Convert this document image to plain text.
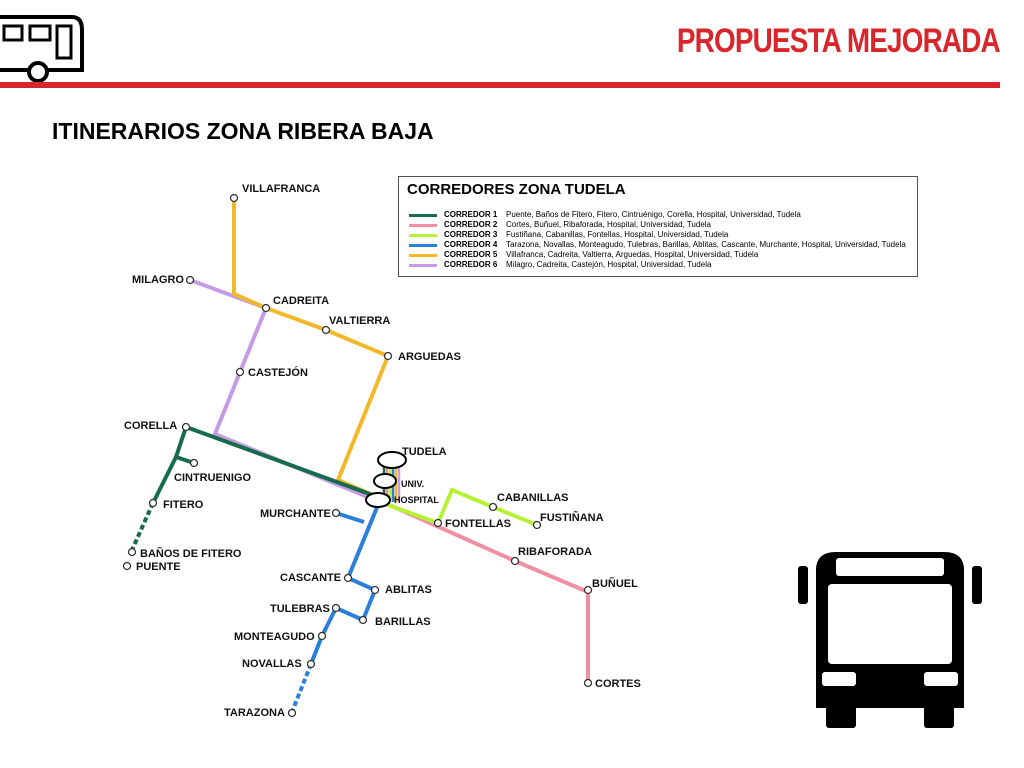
PROPUESTA MEJORADA
ITINERARIOS ZONA RIBERA BAJA
CORREDORES ZONA TUDELA
CORREDOR 1 Puente, Baños de Fitero, Fitero, Cintruénigo, Corella, Hospital, Universidad, Tudela
CORREDOR 2 Cortes, Buñuel, Ribaforada, Hospital, Universidad, Tudela
CORREDOR 3 Fustiñana, Cabanillas, Fontellas, Hospital, Universidad, Tudela
CORREDOR 4 Tarazona, Novallas, Monteagudo, Tulebras, Barillas, Ablitas, Cascante, Murchante, Hospital, Universidad, Tudela
CORREDOR 5 Villafranca, Cadreita, Valtierra, Arguedas, Hospital, Universidad, Tudela
CORREDOR 6 Milagro, Cadreita, Castejón, Hospital, Universidad, Tudela
VILLAFRANCA
MILAGRO
CADREITA
VALTIERRA
ARGUEDAS
CASTEJÓN
CORELLA
CINTRUENIGO
FITERO
BAÑOS DE FITERO
PUENTE
TUDELA
UNIV.
HOSPITAL
MURCHANTE
CABANILLAS
FUSTIÑANA
FONTELLAS
RIBAFORADA
BUÑUEL
CASCANTE
ABLITAS
TULEBRAS
BARILLAS
MONTEAGUDO
NOVALLAS
CORTES
TARAZONA
